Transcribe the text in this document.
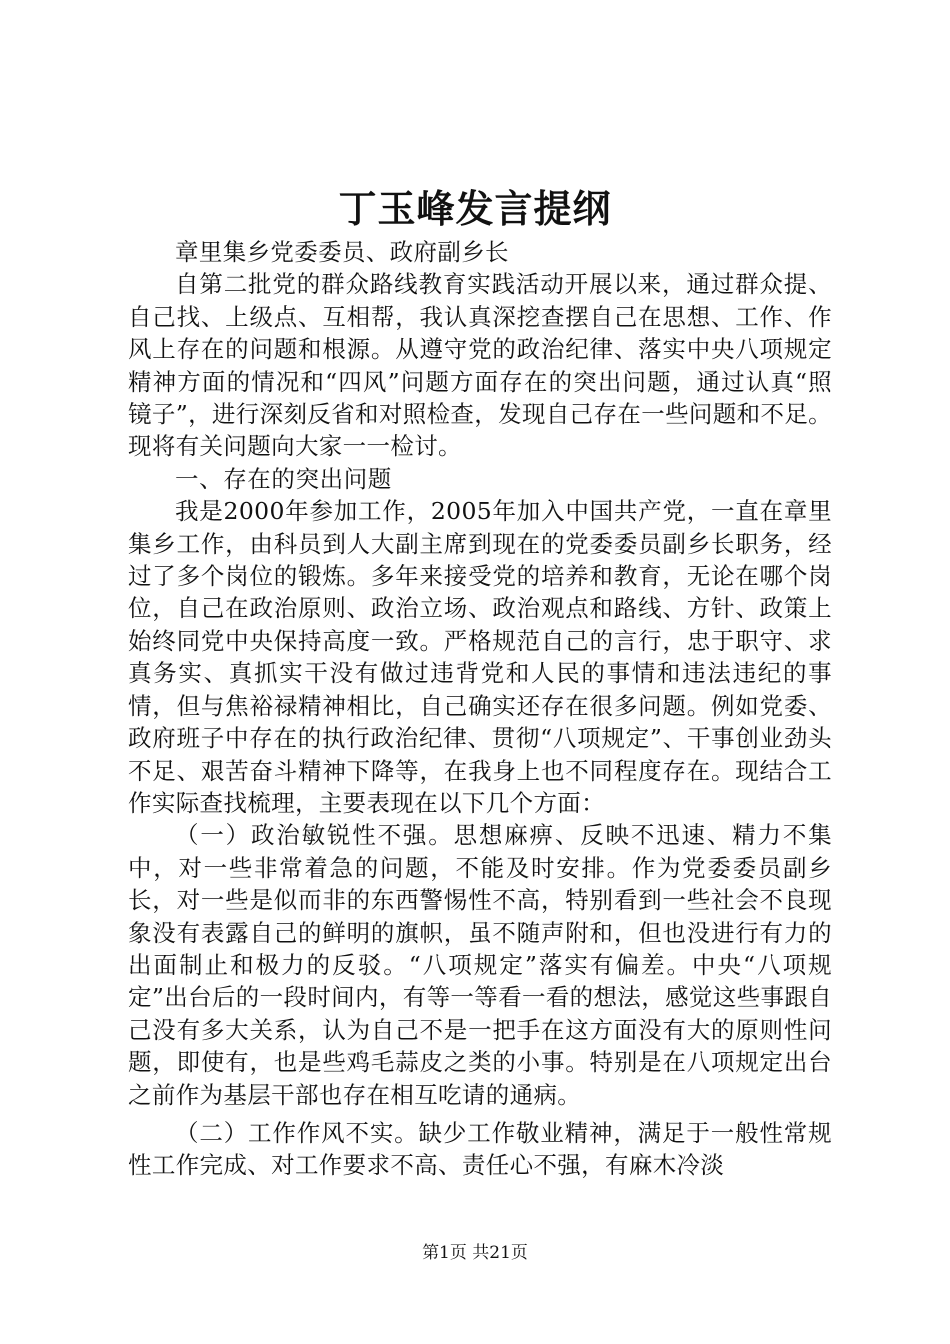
丁玉峰发言提纲

章里集乡党委委员、政府副乡长

自第二批党的群众路线教育实践活动开展以来，通过群众提、自己找、上级点、互相帮，我认真深挖查摆自己在思想、工作、作风上存在的问题和根源。从遵守党的政治纪律、落实中央八项规定精神方面的情况和“四风”问题方面存在的突出问题，通过认真“照镜子”，进行深刻反省和对照检查，发现自己存在一些问题和不足。现将有关问题向大家一一检讨。

一、存在的突出问题

我是2000年参加工作，2005年加入中国共产党，一直在章里集乡工作，由科员到人大副主席到现在的党委委员副乡长职务，经过了多个岗位的锻炼。多年来接受党的培养和教育，无论在哪个岗位，自己在政治原则、政治立场、政治观点和路线、方针、政策上始终同党中央保持高度一致。严格规范自己的言行，忠于职守、求真务实、真抓实干没有做过违背党和人民的事情和违法违纪的事情，但与焦裕禄精神相比，自己确实还存在很多问题。例如党委、政府班子中存在的执行政治纪律、贯彻“八项规定”、干事创业劲头不足、艰苦奋斗精神下降等，在我身上也不同程度存在。现结合工作实际查找梳理，主要表现在以下几个方面：

（一）政治敏锐性不强。思想麻痹、反映不迅速、精力不集中，对一些非常着急的问题，不能及时安排。作为党委委员副乡长，对一些是似而非的东西警惕性不高，特别看到一些社会不良现象没有表露自己的鲜明的旗帜，虽不随声附和，但也没进行有力的出面制止和极力的反驳。“八项规定”落实有偏差。中央“八项规定”出台后的一段时间内，有等一等看一看的想法，感觉这些事跟自己没有多大关系，认为自己不是一把手在这方面没有大的原则性问题，即使有，也是些鸡毛蒜皮之类的小事。特别是在八项规定出台之前作为基层干部也存在相互吃请的通病。

（二）工作作风不实。缺少工作敬业精神，满足于一般性常规性工作完成、对工作要求不高、责任心不强，有麻木冷淡

第1页 共21页
